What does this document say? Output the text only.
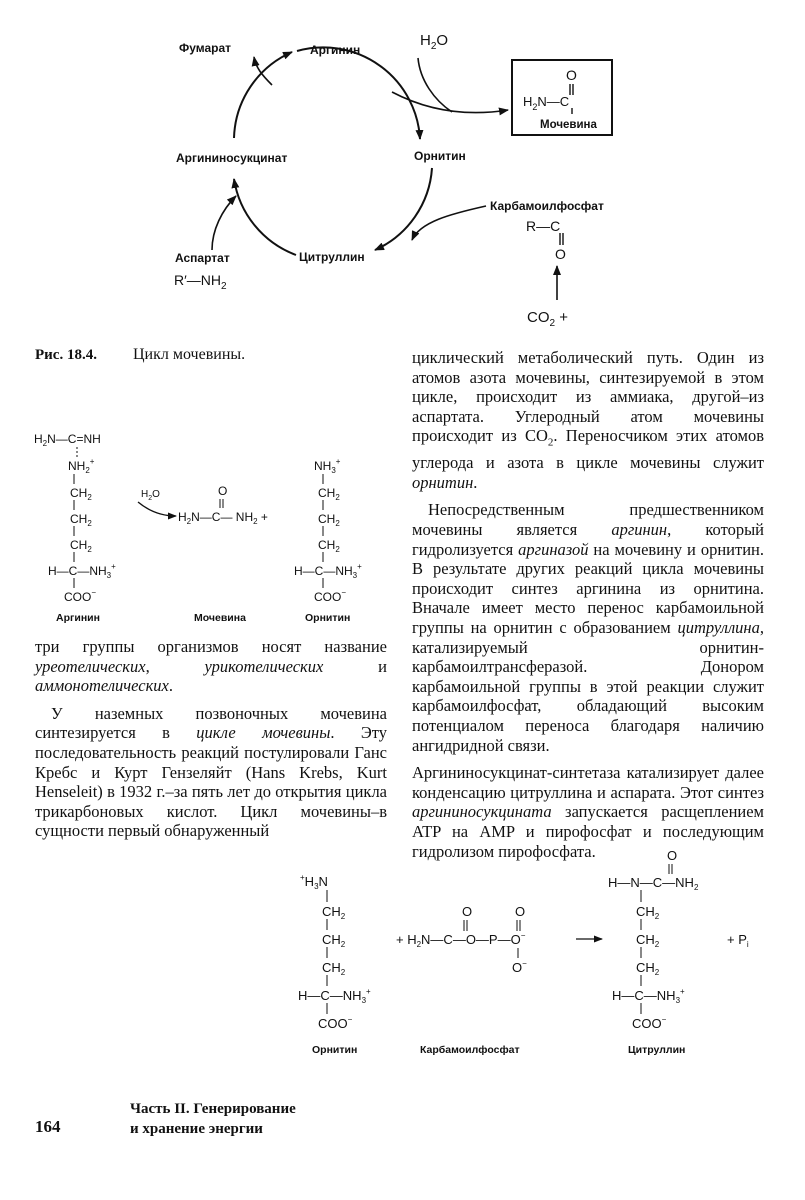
O
$H_2N—C$
Мочевина
Аргинин
Фумарат
Аргининосукцинат	Орнитин
Цитруллин
Аспартат
$R'—NH_2$
$H_2O$
Карбамоилфосфат
R—C
O
$CO_2$ +
Рис. 18.4. Цикл мочевины.
$H_2N—C=NH$
$NH_2^+$
$CH_2$
$CH_2$
$CH_2$
$H—C—NH_3^+$
COO−
Аргинин
$H_2O$	O
$H_2N—C—$ $NH_2$ +
Мочевина
$NH_3^+$
$CH_2$
$CH_2$
$CH_2$
$H—C—NH_3^+$
COO−
Орнитин

три группы организмов носят название уреотелических, урикотелических и аммонотелических.

У наземных позвоночных мочевина синтезируется в цикле мочевины. Эту последовательность реакций постулировали Ганс Кребс и Курт Гензеляйт (Hans Krebs, Kurt Henseleit) в 1932 г.–за пять лет до открытия цикла трикарбоновых кислот. Цикл мочевины–в сущности первый обнаруженный

циклический метаболический путь. Один из атомов азота мочевины, синтезируемой в этом цикле, происходит из аммиака, другой–из аспартата. Углеродный атом мочевины происходит из $CO_2$. Переносчиком этих атомов углерода и азота в цикле мочевины служит орнитин.

Непосредственным предшественником мочевины является аргинин, который гидролизуется аргиназой на мочевину и орнитин. В результате других реакций цикла мочевины происходит синтез аргинина из орнитина. Вначале имеет место перенос карбамоильной группы на орнитин с образованием цитруллина, катализируемый орнитин-карбамоилтрансферазой. Донором карбамоильной группы в этой реакции служит карбамоилфосфат, обладающий высоким потенциалом переноса благодаря наличию ангидридной связи.

Аргининосукцинат-синтетаза катализирует далее конденсацию цитруллина и аспарата. Этот синтез аргининосукцината запускается расщеплением ATP на AMP и пирофосфат и последующим гидролизом пирофосфата.

$^+H_3N$
$CH_2$
$CH_2$
$CH_2$
$H—C—NH_3^+$
COO−
Орнитин
O	O
+ $H_2N—C—O—P—O^-$
O−
Карбамоилфосфат
O
$H—N—C—NH_2$
$CH_2$
$CH_2$
$CH_2$
$H—C—NH_3^+$
COO−
Цитруллин
+ $P_i$
164
Часть II. Генерирование
и хранение энергии
